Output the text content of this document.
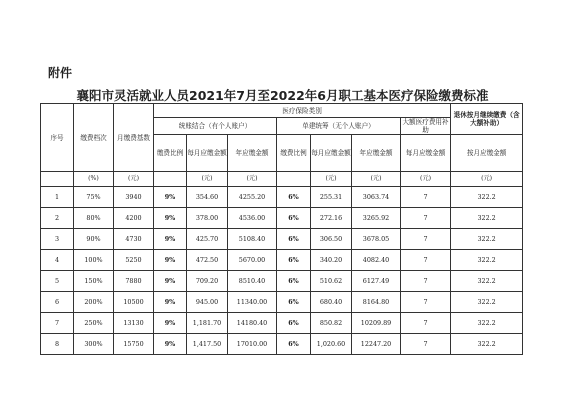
附件
襄阳市灵活就业人员2021年7月至2022年6月职工基本医疗保险缴费标准
序号	缴费档次	月缴费基数	医疗保险类别							退休按月继续缴费（含大额补助）
			统账结合（有个人账户）			单建统筹（无个人账户）			大额医疗费用补助	
			缴费比例	每月应缴金额	年应缴金额	缴费比例	每月应缴金额	年应缴金额	每月应缴金额	按月应缴金额
	(%)	(元)		(元)	(元)		(元)	(元)	(元)	(元)
1	75%	3940	9%	354.60	4255.20	6%	255.31	3063.74	7	322.2
2	80%	4200	9%	378.00	4536.00	6%	272.16	3265.92	7	322.2
3	90%	4730	9%	425.70	5108.40	6%	306.50	3678.05	7	322.2
4	100%	5250	9%	472.50	5670.00	6%	340.20	4082.40	7	322.2
5	150%	7880	9%	709.20	8510.40	6%	510.62	6127.49	7	322.2
6	200%	10500	9%	945.00	11340.00	6%	680.40	8164.80	7	322.2
7	250%	13130	9%	1,181.70	14180.40	6%	850.82	10209.89	7	322.2
8	300%	15750	9%	1,417.50	17010.00	6%	1,020.60	12247.20	7	322.2
